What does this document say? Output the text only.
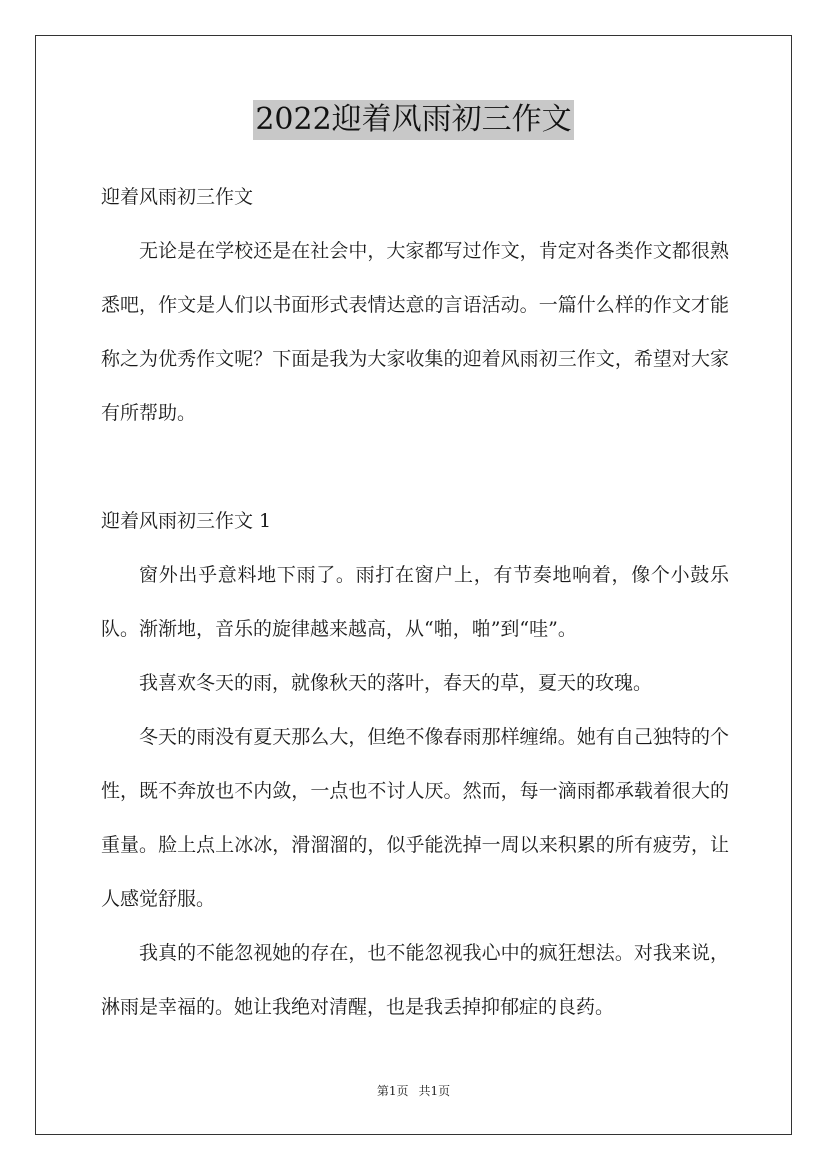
2022迎着风雨初三作文

迎着风雨初三作文

无论是在学校还是在社会中，大家都写过作文，肯定对各类作文都很熟悉吧，作文是人们以书面形式表情达意的言语活动。一篇什么样的作文才能称之为优秀作文呢？下面是我为大家收集的迎着风雨初三作文，希望对大家有所帮助。

迎着风雨初三作文 1

窗外出乎意料地下雨了。雨打在窗户上，有节奏地响着，像个小鼓乐队。渐渐地，音乐的旋律越来越高，从“啪，啪”到“哇”。

我喜欢冬天的雨，就像秋天的落叶，春天的草，夏天的玫瑰。

冬天的雨没有夏天那么大，但绝不像春雨那样缠绵。她有自己独特的个性，既不奔放也不内敛，一点也不讨人厌。然而，每一滴雨都承载着很大的重量。脸上点上冰冰，滑溜溜的，似乎能洗掉一周以来积累的所有疲劳，让人感觉舒服。

我真的不能忽视她的存在，也不能忽视我心中的疯狂想法。对我来说，淋雨是幸福的。她让我绝对清醒，也是我丢掉抑郁症的良药。

第1页 共1页
